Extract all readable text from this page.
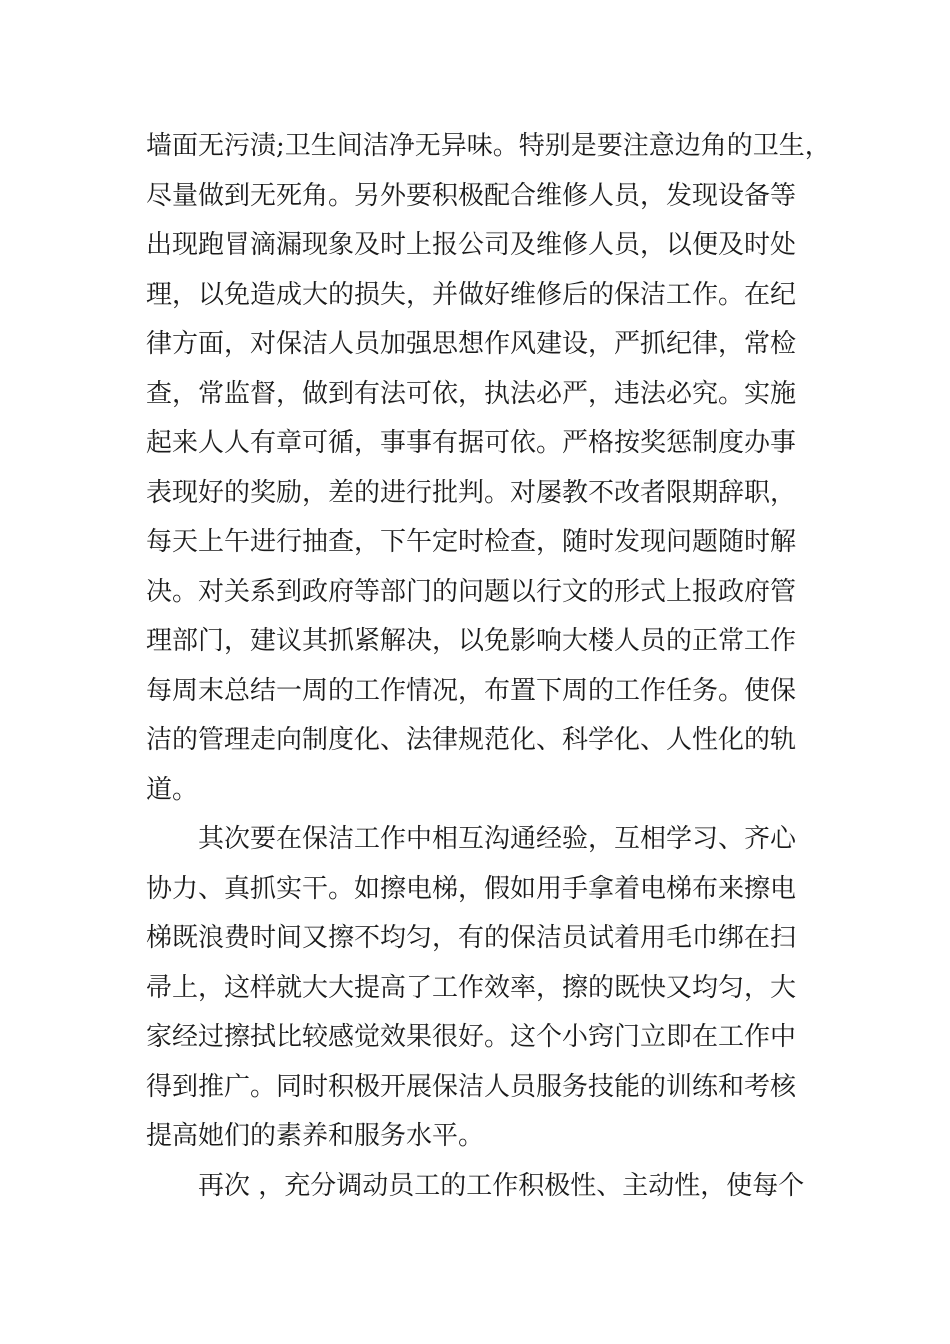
墙面无污渍;卫生间洁净无异味。特别是要注意边角的卫生，
尽量做到无死角。另外要积极配合维修人员，发现设备等
出现跑冒滴漏现象及时上报公司及维修人员，以便及时处
理，以免造成大的损失，并做好维修后的保洁工作。在纪
律方面，对保洁人员加强思想作风建设，严抓纪律，常检
查，常监督，做到有法可依，执法必严，违法必究。实施
起来人人有章可循，事事有据可依。严格按奖惩制度办事
表现好的奖励，差的进行批判。对屡教不改者限期辞职，
每天上午进行抽查，下午定时检查，随时发现问题随时解
决。对关系到政府等部门的问题以行文的形式上报政府管
理部门，建议其抓紧解决，以免影响大楼人员的正常工作
每周末总结一周的工作情况，布置下周的工作任务。使保
洁的管理走向制度化、法律规范化、科学化、人性化的轨
道。
其次要在保洁工作中相互沟通经验，互相学习、齐心
协力、真抓实干。如擦电梯，假如用手拿着电梯布来擦电
梯既浪费时间又擦不均匀，有的保洁员试着用毛巾绑在扫
帚上，这样就大大提高了工作效率，擦的既快又均匀，大
家经过擦拭比较感觉效果很好。这个小窍门立即在工作中
得到推广。同时积极开展保洁人员服务技能的训练和考核
提高她们的素养和服务水平。
再次 ，充分调动员工的工作积极性、主动性，使每个
